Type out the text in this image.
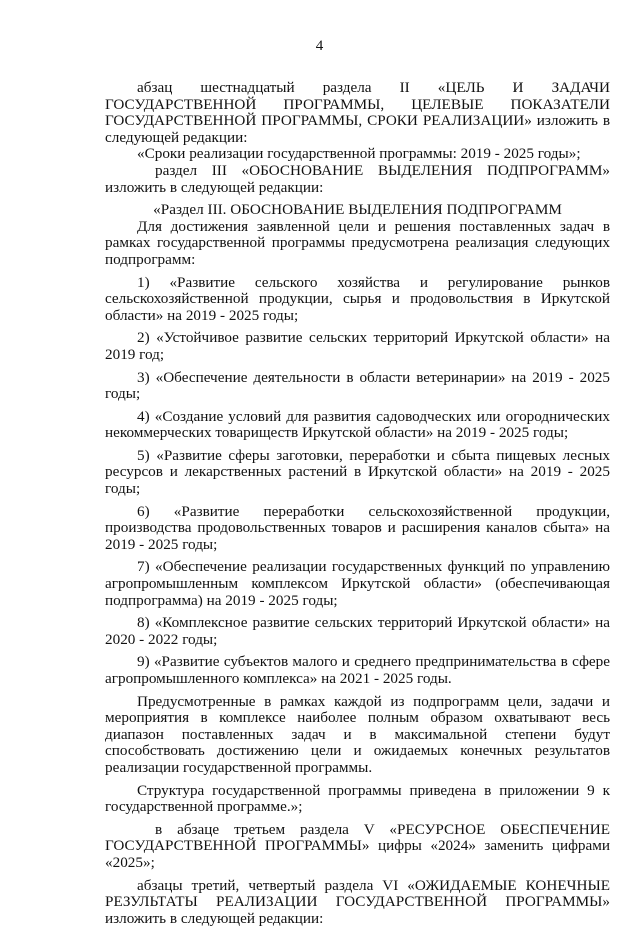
4

абзац шестнадцатый раздела II «ЦЕЛЬ И ЗАДАЧИ ГОСУДАРСТВЕННОЙ ПРОГРАММЫ, ЦЕЛЕВЫЕ ПОКАЗАТЕЛИ ГОСУДАРСТВЕННОЙ ПРОГРАММЫ, СРОКИ РЕАЛИЗАЦИИ» изложить в следующей редакции:

«Сроки реализации государственной программы: 2019 - 2025 годы»;

раздел III «ОБОСНОВАНИЕ ВЫДЕЛЕНИЯ ПОДПРОГРАММ» изложить в следующей редакции:

«Раздел III. ОБОСНОВАНИЕ ВЫДЕЛЕНИЯ ПОДПРОГРАММ

Для достижения заявленной цели и решения поставленных задач в рамках государственной программы предусмотрена реализация следующих подпрограмм:

1) «Развитие сельского хозяйства и регулирование рынков сельскохозяйственной продукции, сырья и продовольствия в Иркутской области» на 2019 - 2025 годы;

2) «Устойчивое развитие сельских территорий Иркутской области» на 2019 год;

3) «Обеспечение деятельности в области ветеринарии» на 2019 - 2025 годы;

4) «Создание условий для развития садоводческих или огороднических некоммерческих товариществ Иркутской области» на 2019 - 2025 годы;

5) «Развитие сферы заготовки, переработки и сбыта пищевых лесных ресурсов и лекарственных растений в Иркутской области» на 2019 - 2025 годы;

6) «Развитие переработки сельскохозяйственной продукции, производства продовольственных товаров и расширения каналов сбыта» на 2019 - 2025 годы;

7) «Обеспечение реализации государственных функций по управлению агропромышленным комплексом Иркутской области» (обеспечивающая подпрограмма) на 2019 - 2025 годы;

8) «Комплексное развитие сельских территорий Иркутской области» на 2020 - 2022 годы;

9) «Развитие субъектов малого и среднего предпринимательства в сфере агропромышленного комплекса» на 2021 - 2025 годы.

Предусмотренные в рамках каждой из подпрограмм цели, задачи и мероприятия в комплексе наиболее полным образом охватывают весь диапазон поставленных задач и в максимальной степени будут способствовать достижению цели и ожидаемых конечных результатов реализации государственной программы.

Структура государственной программы приведена в приложении 9 к государственной программе.»;

в абзаце третьем раздела V «РЕСУРСНОЕ ОБЕСПЕЧЕНИЕ ГОСУДАРСТВЕННОЙ ПРОГРАММЫ» цифры «2024» заменить цифрами «2025»;

абзацы третий, четвертый раздела VI «ОЖИДАЕМЫЕ КОНЕЧНЫЕ РЕЗУЛЬТАТЫ РЕАЛИЗАЦИИ ГОСУДАРСТВЕННОЙ ПРОГРАММЫ» изложить в следующей редакции:
